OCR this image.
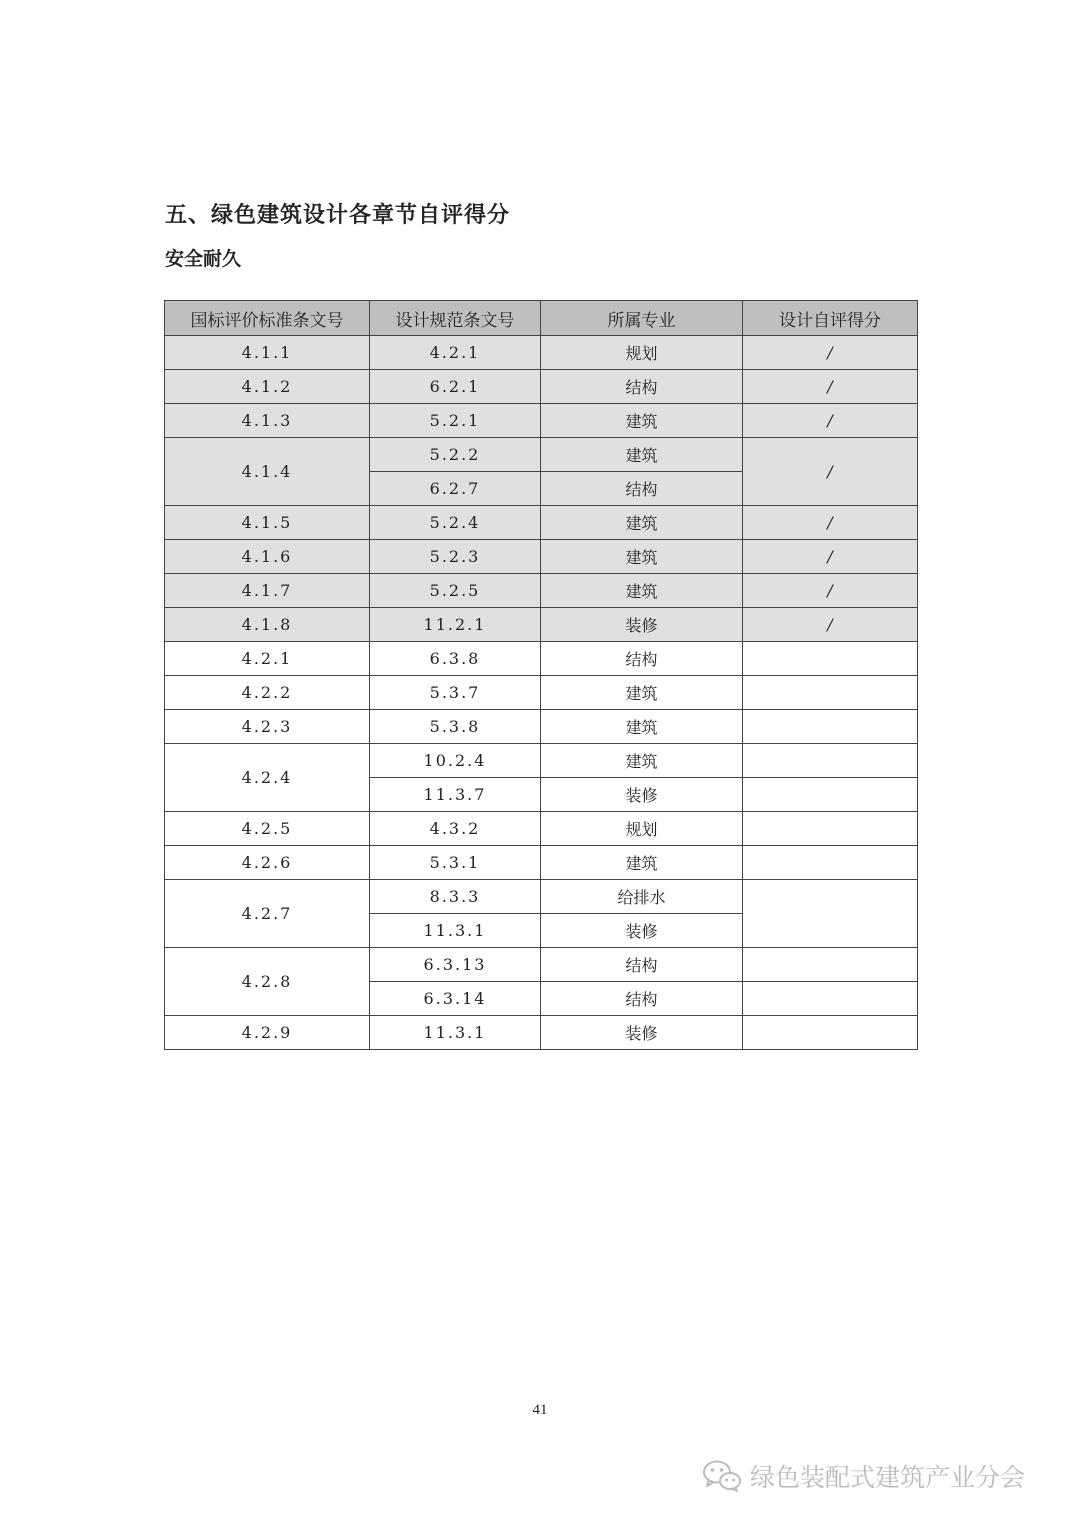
五、绿色建筑设计各章节自评得分
安全耐久
国标评价标准条文号	设计规范条文号	所属专业	设计自评得分
4.1.1	4.2.1	规划	/
4.1.2	6.2.1	结构	/
4.1.3	5.2.1	建筑	/
4.1.4	5.2.2	建筑	/
	6.2.7	结构	
4.1.5	5.2.4	建筑	/
4.1.6	5.2.3	建筑	/
4.1.7	5.2.5	建筑	/
4.1.8	11.2.1	装修	/
4.2.1	6.3.8	结构	
4.2.2	5.3.7	建筑	
4.2.3	5.3.8	建筑	
4.2.4	10.2.4	建筑	
	11.3.7	装修	
4.2.5	4.3.2	规划	
4.2.6	5.3.1	建筑	
4.2.7	8.3.3	给排水	
	11.3.1	装修	
4.2.8	6.3.13	结构	
	6.3.14	结构	
4.2.9	11.3.1	装修	
41
绿色装配式建筑产业分会
